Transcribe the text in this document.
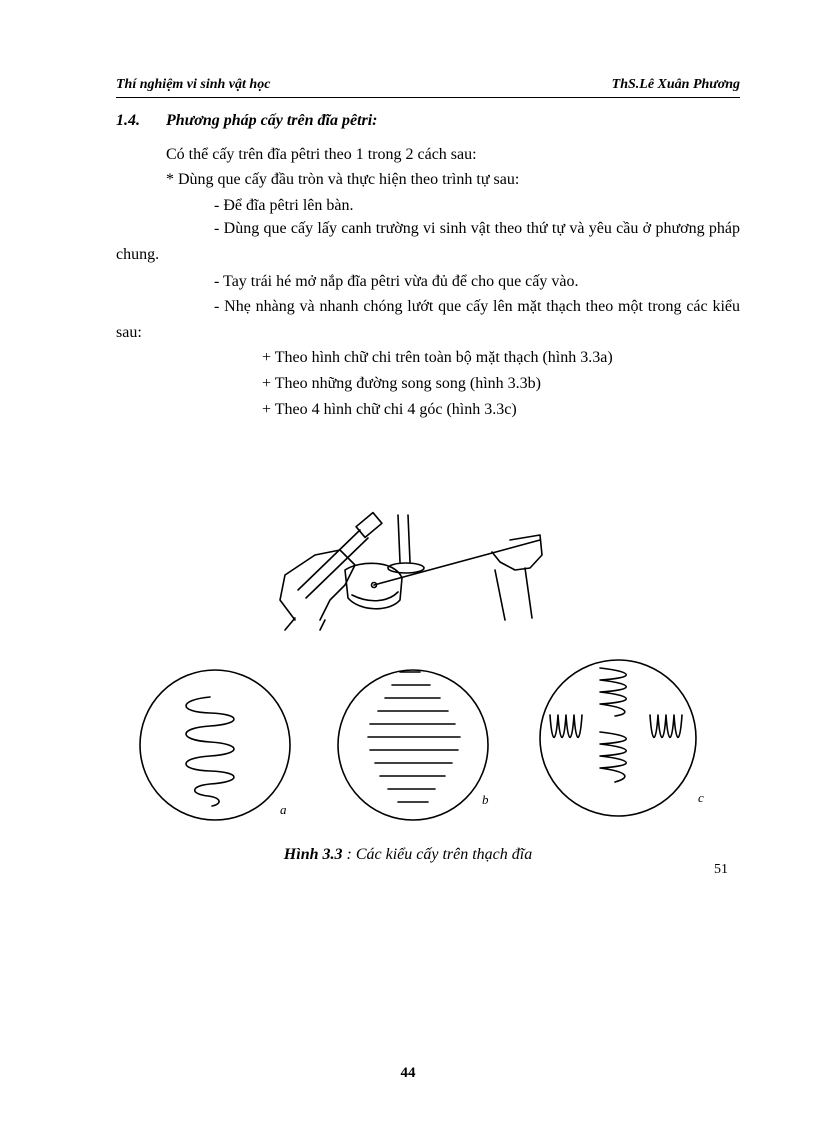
Thí nghiệm vi sinh vật học	ThS.Lê Xuân Phương
1.4. Phương pháp cấy trên đĩa pêtri:
Có thể cấy trên đĩa pêtri theo 1 trong 2 cách sau:
* Dùng que cấy đầu tròn và thực hiện theo trình tự sau:
- Để đĩa pêtri lên bàn.
- Dùng que cấy lấy canh trường vi sinh vật theo thứ tự và yêu cầu ở phương pháp chung.
- Tay trái hé mở nắp đĩa pêtri vừa đủ để cho que cấy vào.
- Nhẹ nhàng và nhanh chóng lướt que cấy lên mặt thạch theo một trong các kiểu sau:
+ Theo hình chữ chi trên toàn bộ mặt thạch (hình 3.3a)
+ Theo những đường song song (hình 3.3b)
+ Theo 4 hình chữ chi 4 góc (hình 3.3c)
a
b	c
Hình 3.3 : Các kiểu cấy trên thạch đĩa
51
44
